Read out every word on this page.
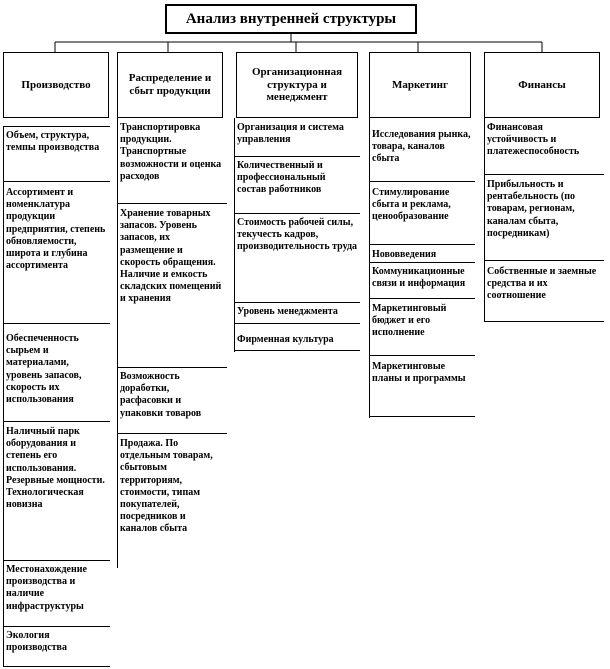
Анализ внутренней структуры
Производство
Распределение и сбыт продукции
Организационная структура и менеджмент
Маркетинг	Финансы
Объем, структура, темпы производства
Ассортимент и номенклатура продукции предприятия, степень обновляемости, широта и глубина ассортимента
Обеспеченность сырьем и материалами, уровень запасов, скорость их использования
Наличный парк оборудования и степень его использования. Резервные мощности. Технологическая новизна
Местонахождение производства и наличие инфраструктуры
Экология производства
Транспортировка продукции. Транспортные возможности и оценка расходов
Хранение товарных запасов. Уровень запасов, их размещение и скорость обращения. Наличие и емкость складских помещений и хранения
Возможность доработки, расфасовки и упаковки товаров
Продажа. По отдельным товарам, сбытовым территориям, стоимости, типам покупателей, посредников и каналов сбыта
Организация и система управления
Количественный и профессиональный состав работников
Стоимость рабочей силы, текучесть кадров, производительность труда
Уровень менеджмента
Фирменная культура
Исследования рынка, товара, каналов сбыта
Стимулирование сбыта и реклама, ценообразование
Нововведения
Коммуникационные связи и информация
Маркетинговый бюджет и его исполнение
Маркетинговые планы и программы
Финансовая устойчивость и платежеспособность
Прибыльность и рентабельность (по товарам, регионам, каналам сбыта, посредникам)
Собственные и заемные средства и их соотношение
